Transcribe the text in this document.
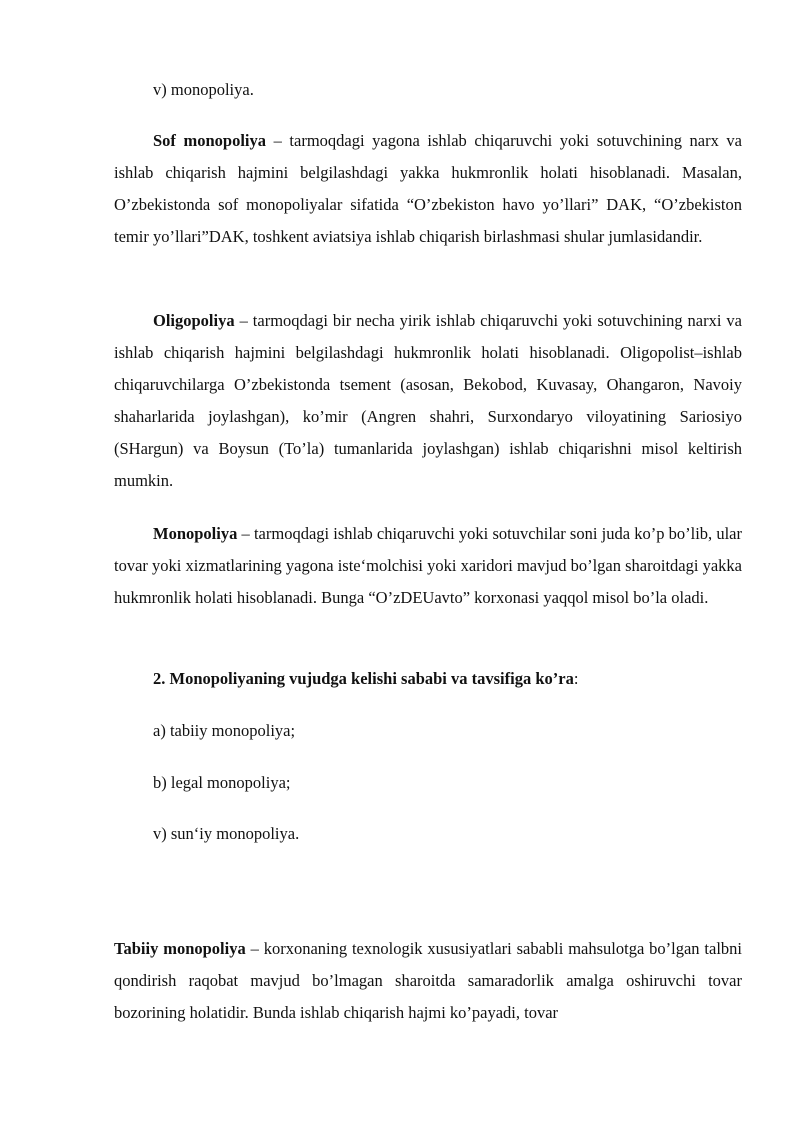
v) monopoliya.

Sof monopoliya – tarmoqdagi yagona ishlab chiqaruvchi yoki sotuvchining narx va ishlab chiqarish hajmini belgilashdagi yakka hukmronlik holati hisoblanadi. Masalan, O’zbekistonda sof monopoliyalar sifatida “O’zbekiston havo yo’llari” DAK, “O’zbekiston temir yo’llari”DAK, toshkent aviatsiya ishlab chiqarish birlashmasi shular jumlasidandir.

Oligopoliya – tarmoqdagi bir necha yirik ishlab chiqaruvchi yoki sotuvchining narxi va ishlab chiqarish hajmini belgilashdagi hukmronlik holati hisoblanadi. Oligopolist–ishlab chiqaruvchilarga O’zbekistonda tsement (asosan, Bekobod, Kuvasay, Ohangaron, Navoiy shaharlarida joylashgan), ko’mir (Angren shahri, Surxondaryo viloyatining Sariosiyo (SHargun) va Boysun (To’la) tumanlarida joylashgan) ishlab chiqarishni misol keltirish mumkin.

Monopoliya – tarmoqdagi ishlab chiqaruvchi yoki sotuvchilar soni juda ko’p bo’lib, ular tovar yoki xizmatlarining yagona iste‘molchisi yoki xaridori mavjud bo’lgan sharoitdagi yakka hukmronlik holati hisoblanadi. Bunga “O’zDEUavto” korxonasi yaqqol misol bo’la oladi.

2. Monopoliyaning vujudga kelishi sababi va tavsifiga ko’ra:

a) tabiiy monopoliya;

b) legal monopoliya;

v) sun‘iy monopoliya.

Tabiiy monopoliya – korxonaning texnologik xususiyatlari sababli mahsulotga bo’lgan talbni qondirish raqobat mavjud bo’lmagan sharoitda samaradorlik amalga oshiruvchi tovar bozorining holatidir. Bunda ishlab chiqarish hajmi ko’payadi, tovar
